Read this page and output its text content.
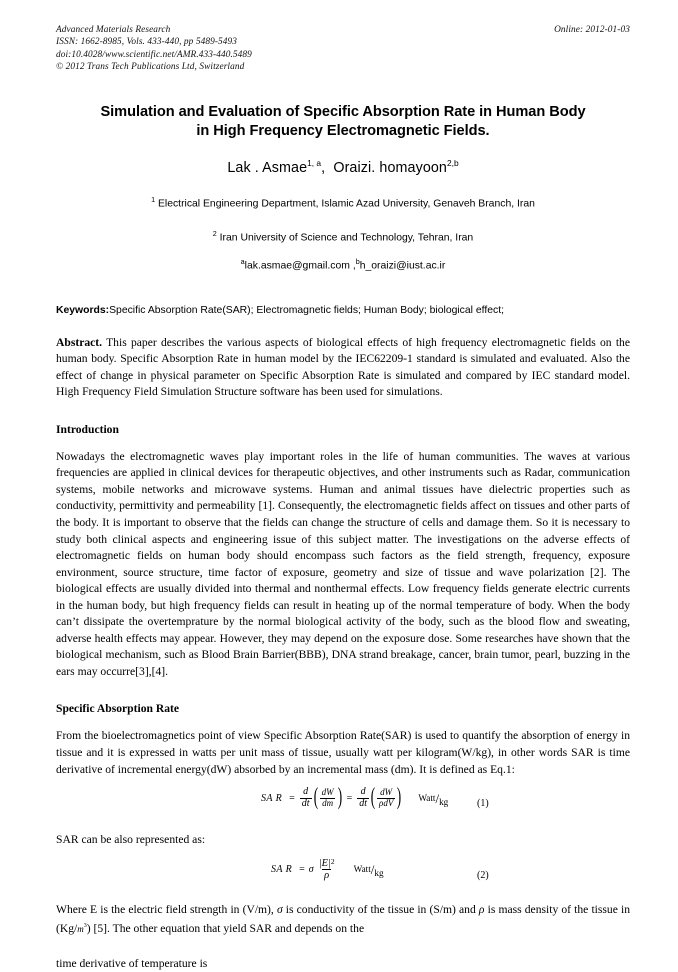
Advanced Materials Research
ISSN: 1662-8985, Vols. 433-440, pp 5489-5493
doi:10.4028/www.scientific.net/AMR.433-440.5489
© 2012 Trans Tech Publications Ltd, Switzerland
Online: 2012-01-03
Simulation and Evaluation of Specific Absorption Rate in Human Body
in High Frequency Electromagnetic Fields.
Lak . Asmae$^{1, a}$, Oraizi. homayoon$^{2,b}$
$^1$ Electrical Engineering Department, Islamic Azad University, Genaveh Branch, Iran
$^2$ Iran University of Science and Technology, Tehran, Iran
$^a$lak.asmae@gmail.com ,$^b$h_oraizi@iust.ac.ir
Keywords:Specific Absorption Rate(SAR); Electromagnetic fields; Human Body; biological effect;
Abstract. This paper describes the various aspects of biological effects of high frequency electromagnetic fields on the human body. Specific Absorption Rate in human model by the IEC62209-1 standard is simulated and evaluated. Also the effect of change in physical parameter on Specific Absorption Rate is simulated and compared by IEC standard model. High Frequency Field Simulation Structure software has been used for simulations.
Introduction

Nowadays the electromagnetic waves play important roles in the life of human communities. The waves at various frequencies are applied in clinical devices for therapeutic objectives, and other instruments such as Radar, communication systems, mobile networks and microwave systems. Human and animal tissues have dielectric properties such as conductivity, permittivity and permeability [1]. Consequently, the electromagnetic fields affect on tissues and other parts of the body. It is important to observe that the fields can change the structure of cells and damage them. So it is necessary to study both clinical aspects and engineering issue of this subject matter. The investigations on the adverse effects of electromagnetic fields on human body should encompass such factors as the field strength, frequency, exposure environment, source structure, time factor of exposure, geometry and size of tissue and wave polarization [2]. The biological effects are usually divided into thermal and nonthermal effects. Low frequency fields generate electric currents in the human body, but high frequency fields can result in heating up of the normal temperature of body. When the body can’t dissipate the overtemprature by the normal biological activity of the body, such as the blood flow and sweating, adverse health effects may appear. However, they may depend on the exposure dose. Some researches have shown that the biological mechanism, such as Blood Brain Barrier(BBB), DNA strand breakage, cancer, brain tumor, pearl, buzzing in the ears may occurre[3],[4].

Specific Absorption Rate

From the bioelectromagnetics point of view Specific Absorption Rate(SAR) is used to quantify the absorption of energy in tissue and it is expressed in watts per unit mass of tissue, usually watt per kilogram(W/kg), in other words SAR is time derivative of incremental energy(dW) absorbed by an incremental mass (dm). It is defined as Eq.1:

SA $R = \frac{d}{dt}$ ( $\frac{dW}{dm}$ ) = $\frac{d}{dt}$ ( $\frac{dW}{\text{ρdV}}$ ) Watt / kg	(1)

SAR can be also represented as:

SA R = σ $\frac{| E | 2}{\rho}$ Watt / kg	(2)

Where E is the electric field strength in (V/m), σ is conductivity of the tissue in (S/m) and ρ is mass density of the tissue in $(Kg/m^3)$ [5]. The other equation that yield SAR and depends on the

time derivative of temperature is
